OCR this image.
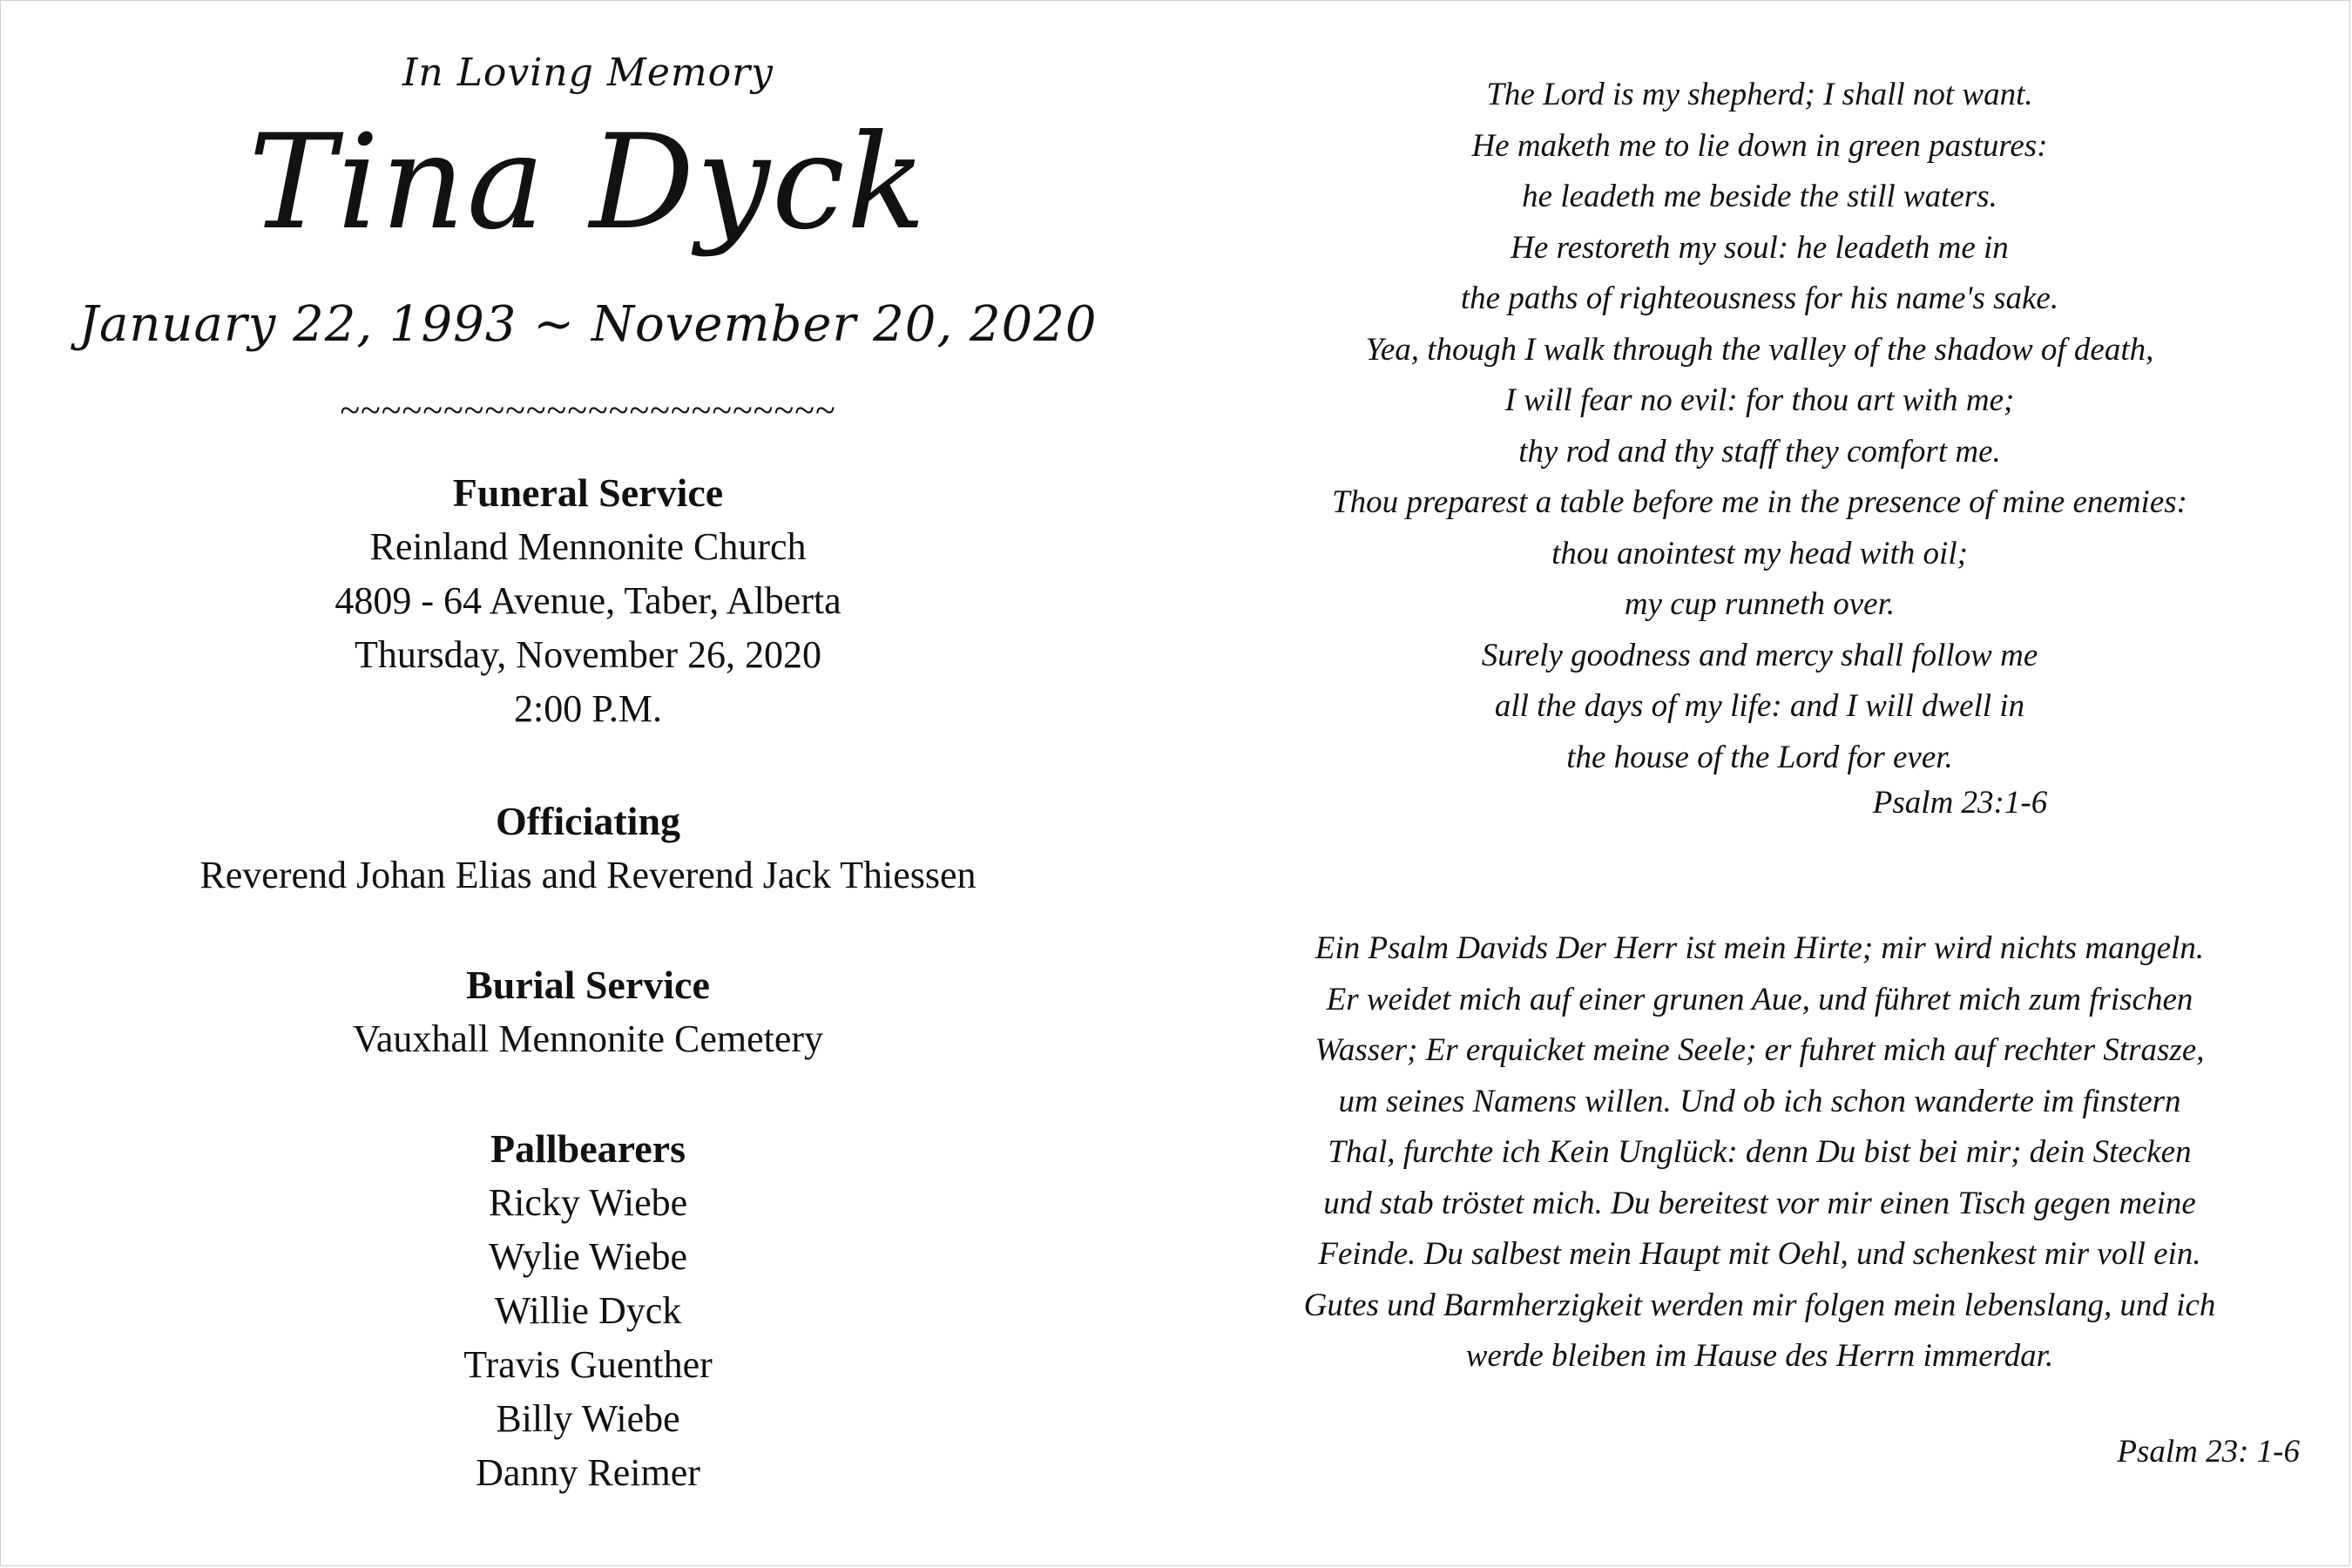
In Loving Memory
Tina Dyck
January 22, 1993 ~ November 20, 2020
~~~~~~~~~~~~~~~~~~~~~~~~
Funeral Service
Reinland Mennonite Church
4809 - 64 Avenue, Taber, Alberta
Thursday, November 26, 2020
2:00 P.M.
Officiating
Reverend Johan Elias and Reverend Jack Thiessen
Burial Service
Vauxhall Mennonite Cemetery
Pallbearers
Ricky Wiebe
Wylie Wiebe
Willie Dyck
Travis Guenther
Billy Wiebe
Danny Reimer
The Lord is my shepherd; I shall not want.
He maketh me to lie down in green pastures:
he leadeth me beside the still waters.
He restoreth my soul: he leadeth me in
the paths of righteousness for his name's sake.
Yea, though I walk through the valley of the shadow of death,
I will fear no evil: for thou art with me;
thy rod and thy staff they comfort me.
Thou preparest a table before me in the presence of mine enemies:
thou anointest my head with oil;
my cup runneth over.
Surely goodness and mercy shall follow me
all the days of my life: and I will dwell in
the house of the Lord for ever.
Psalm 23:1-6
Ein Psalm Davids Der Herr ist mein Hirte; mir wird nichts mangeln.
Er weidet mich auf einer grunen Aue, und führet mich zum frischen
Wasser; Er erquicket meine Seele; er fuhret mich auf rechter Strasze,
um seines Namens willen. Und ob ich schon wanderte im finstern
Thal, furchte ich Kein Unglück: denn Du bist bei mir; dein Stecken
und stab tröstet mich. Du bereitest vor mir einen Tisch gegen meine
Feinde. Du salbest mein Haupt mit Oehl, und schenkest mir voll ein.
Gutes und Barmherzigkeit werden mir folgen mein lebenslang, und ich
werde bleiben im Hause des Herrn immerdar.
Psalm 23: 1-6
